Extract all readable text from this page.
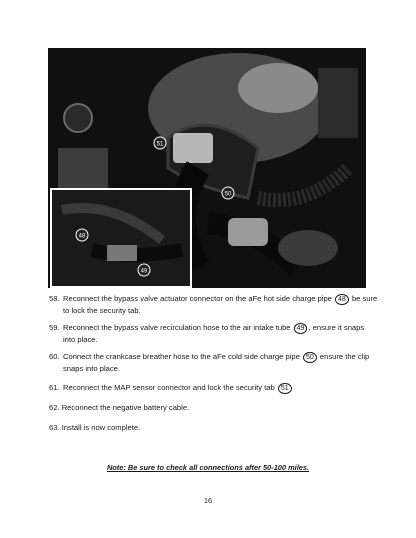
51
50
48
49
58. Reconnect the bypass valve actuator connector on the aFe hot side charge pipe 48 be sure
to lock the security tab.
59. Reconnect the bypass valve recirculation hose to the air intake tube 49 , ensure it snaps
into place.
60. Connect the crankcase breather hose to the aFe cold side charge pipe 50 ensure the clip
snaps into place.
61. Reconnect the MAP sensor connector and lock the security tab 51
62. Reconnect the negative battery cable.
63. Install is now complete.
Note: Be sure to check all connections after 50-100 miles.
16
